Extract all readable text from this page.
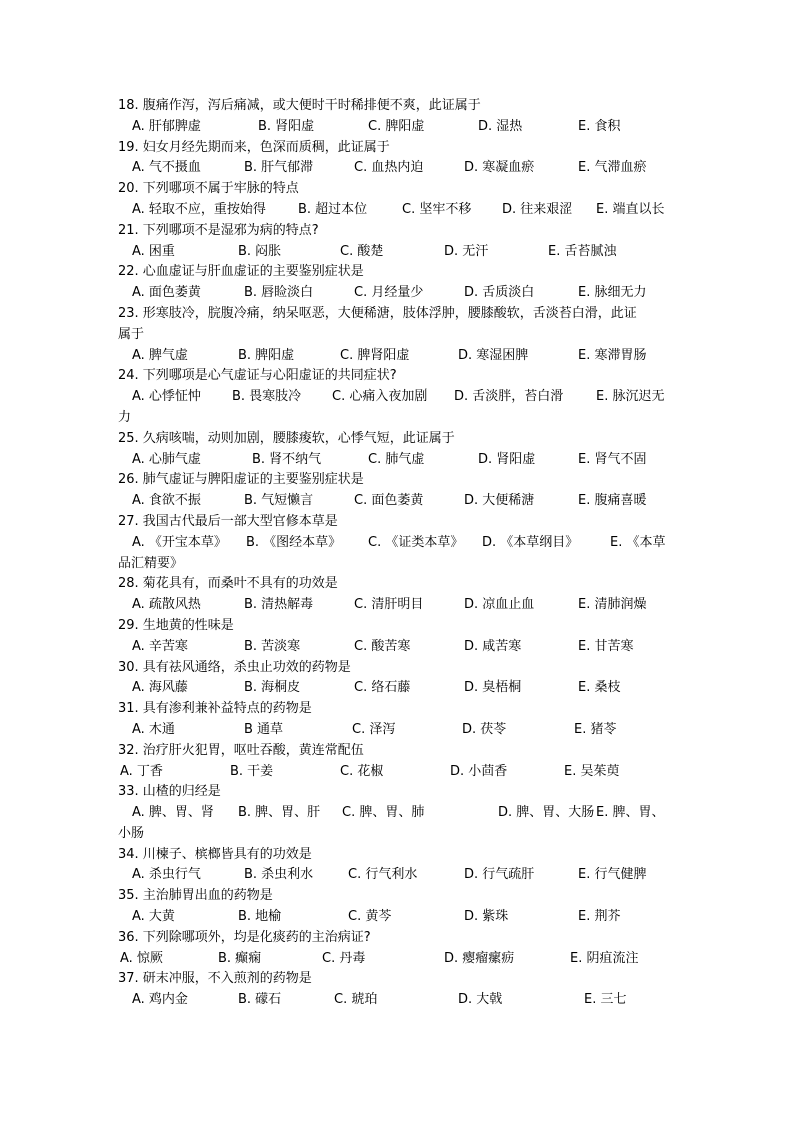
18. 腹痛作泻，泻后痛减，或大便时干时稀排便不爽，此证属于
A. 肝郁脾虚	B. 肾阳虚	C. 脾阳虚	D. 湿热	E. 食积
19. 妇女月经先期而来，色深而质稠，此证属于
A. 气不摄血	B. 肝气郁滞	C. 血热内迫	D. 寒凝血瘀	E. 气滞血瘀
20. 下列哪项不属于牢脉的特点
A. 轻取不应，重按始得 B. 超过本位	C. 坚牢不移 D. 往来艰涩 E. 端直以长
21. 下列哪项不是湿邪为病的特点?
A. 困重	B. 闷胀	C. 酸楚	D. 无汗	E. 舌苔腻浊
22. 心血虚证与肝血虚证的主要鉴别症状是
A. 面色萎黄	B. 唇睑淡白	C. 月经量少	D. 舌质淡白	E. 脉细无力
23. 形寒肢冷，脘腹冷痛，纳呆呕恶，大便稀溏，肢体浮肿，腰膝酸软，舌淡苔白滑，此证
属于
A. 脾气虚	B. 脾阳虚	C. 脾肾阳虚	D. 寒湿困脾	E. 寒滞胃肠
24. 下列哪项是心气虚证与心阳虚证的共同症状?
A. 心悸怔忡 B. 畏寒肢冷 C. 心痛入夜加剧 D. 舌淡胖，苔白滑	E. 脉沉迟无
力
25. 久病咳喘，动则加剧，腰膝痠软，心悸气短，此证属于
A. 心肺气虚	B. 肾不纳气	C. 肺气虚	D. 肾阳虚	E. 肾气不固
26. 肺气虚证与脾阳虚证的主要鉴别症状是
A. 食欲不振	B. 气短懒言	C. 面色萎黄	D. 大便稀溏	E. 腹痛喜暖
27. 我国古代最后一部大型官修本草是
A. 《开宝本草》 B. 《图经本草》 C. 《证类本草》 D. 《本草纲目》 E. 《本草
品汇精要》
28. 菊花具有，而桑叶不具有的功效是
A. 疏散风热	B. 清热解毒	C. 清肝明目	D. 凉血止血	E. 清肺润燥
29. 生地黄的性味是
A. 辛苦寒	B. 苦淡寒	C. 酸苦寒	D. 咸苦寒	E. 甘苦寒
30. 具有祛风通络，杀虫止功效的药物是
A. 海风藤	B. 海桐皮	C. 络石藤	D. 臭梧桐	E. 桑枝
31. 具有渗利兼补益特点的药物是
A. 木通	B 通草	C. 泽泻	D. 茯苓	E. 猪苓
32. 治疗肝火犯胃，呕吐吞酸，黄连常配伍
A. 丁香	B. 干姜	C. 花椒	D. 小茴香	E. 吴茱萸
33. 山楂的归经是
A. 脾、胃、肾 B. 脾、胃、肝 C. 脾、胃、肺	D. 脾、胃、大肠 E. 脾、胃、
小肠
34. 川楝子、槟榔皆具有的功效是
A. 杀虫行气	B. 杀虫利水	C. 行气利水	D. 行气疏肝	E. 行气健脾
35. 主治肺胃出血的药物是
A. 大黄	B. 地榆	C. 黄芩	D. 紫珠	E. 荆芥
36. 下列除哪项外，均是化痰药的主治病证?
A. 惊厥	B. 癫痫	C. 丹毒	D. 瘿瘤瘰疬	E. 阴疽流注
37. 研末冲服，不入煎剂的药物是
A. 鸡内金	B. 礞石	C. 琥珀	D. 大戟	E. 三七
